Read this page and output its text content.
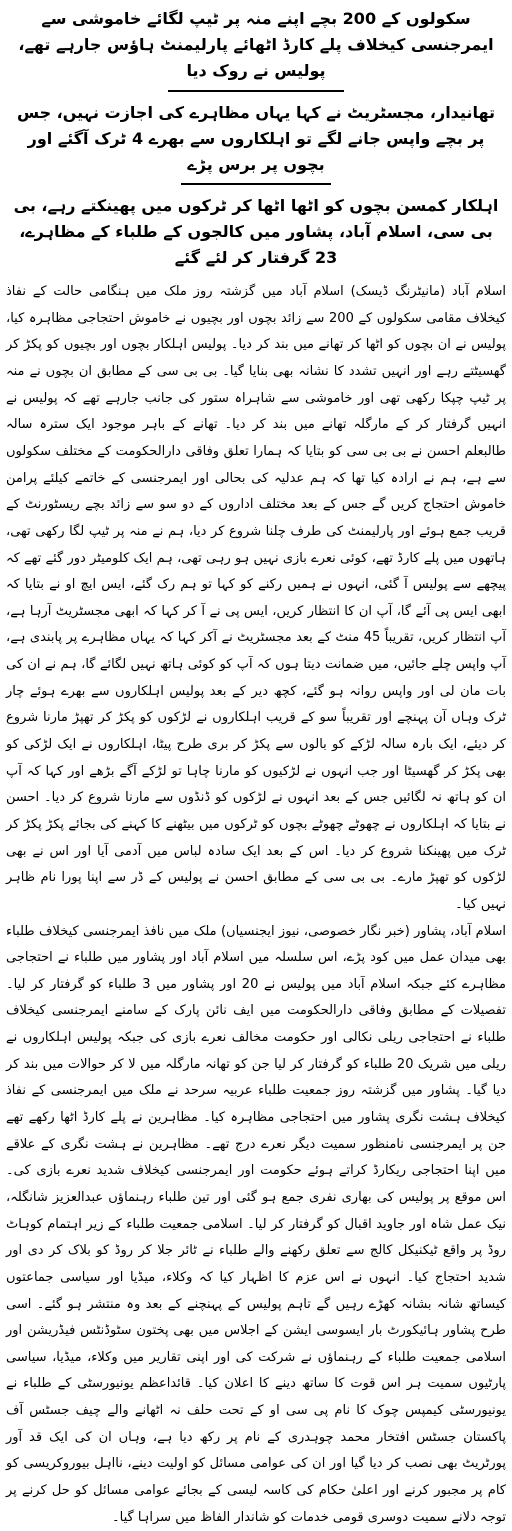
سکولوں کے 200 بچے اپنے منہ پر ٹیپ لگائے خاموشی سے ایمرجنسی کیخلاف پلے کارڈ اٹھائے پارلیمنٹ ہاؤس جارہے تھے، پولیس نے روک دیا
تھانیدار، مجسٹریٹ نے کہا یہاں مظاہرے کی اجازت نہیں، جس پر بچے واپس جانے لگے تو اہلکاروں سے بھرے 4 ٹرک آگئے اور بچوں پر برس پڑے
اہلکار کمسن بچوں کو اٹھا اٹھا کر ٹرکوں میں پھینکتے رہے، بی بی سی، اسلام آباد، پشاور میں کالجوں کے طلباء کے مظاہرے، 23 گرفتار کر لئے گئے

اسلام آباد (مانیٹرنگ ڈیسک) اسلام آباد میں گزشتہ روز ملک میں ہنگامی حالت کے نفاذ کیخلاف مقامی سکولوں کے 200 سے زائد بچوں اور بچیوں نے خاموش احتجاجی مظاہرہ کیا، پولیس نے ان بچوں کو اٹھا کر تھانے میں بند کر دیا۔ پولیس اہلکار بچوں اور بچیوں کو پکڑ کر گھسیٹتے رہے اور انہیں تشدد کا نشانہ بھی بنایا گیا۔ بی بی سی کے مطابق ان بچوں نے منہ پر ٹیپ چپکا رکھی تھی اور خاموشی سے شاہراہ ستور کی جانب جارہے تھے کہ پولیس نے انہیں گرفتار کر کے مارگلہ تھانے میں بند کر دیا۔ تھانے کے باہر موجود ایک سترہ سالہ طالبعلم احسن نے بی بی سی کو بتایا کہ ہمارا تعلق وفاقی دارالحکومت کے مختلف سکولوں سے ہے، ہم نے ارادہ کیا تھا کہ ہم عدلیہ کی بحالی اور ایمرجنسی کے خاتمے کیلئے پرامن خاموش احتجاج کریں گے جس کے بعد مختلف اداروں کے دو سو سے زائد بچے ریسٹورنٹ کے قریب جمع ہوئے اور پارلیمنٹ کی طرف چلنا شروع کر دیا، ہم نے منہ پر ٹیپ لگا رکھی تھی، ہاتھوں میں پلے کارڈ تھے، کوئی نعرے بازی نہیں ہو رہی تھی، ہم ایک کلومیٹر دور گئے تھے کہ پیچھے سے پولیس آ گئی، انہوں نے ہمیں رکنے کو کہا تو ہم رک گئے، ایس ایچ او نے بتایا کہ ابھی ایس پی آئے گا، آپ ان کا انتظار کریں، ایس پی نے آ کر کہا کہ ابھی مجسٹریٹ آرہا ہے، آپ انتظار کریں، تقریباً 45 منٹ کے بعد مجسٹریٹ نے آکر کہا کہ یہاں مظاہرے پر پابندی ہے، آپ واپس چلے جائیں، میں ضمانت دیتا ہوں کہ آپ کو کوئی ہاتھ نہیں لگائے گا، ہم نے ان کی بات مان لی اور واپس روانہ ہو گئے، کچھ دیر کے بعد پولیس اہلکاروں سے بھرے ہوئے چار ٹرک وہاں آن پہنچے اور تقریباً سو کے قریب اہلکاروں نے لڑکوں کو پکڑ کر تھپڑ مارنا شروع کر دیئے، ایک بارہ سالہ لڑکے کو بالوں سے پکڑ کر بری طرح پیٹا، اہلکاروں نے ایک لڑکی کو بھی پکڑ کر گھسیٹا اور جب انہوں نے لڑکیوں کو مارنا چاہا تو لڑکے آگے بڑھے اور کہا کہ آپ ان کو ہاتھ نہ لگائیں جس کے بعد انہوں نے لڑکوں کو ڈنڈوں سے مارنا شروع کر دیا۔ احسن نے بتایا کہ اہلکاروں نے چھوٹے چھوٹے بچوں کو ٹرکوں میں بیٹھنے کا کہنے کی بجائے پکڑ پکڑ کر ٹرک میں پھینکنا شروع کر دیا۔ اس کے بعد ایک سادہ لباس میں آدمی آیا اور اس نے بھی لڑکوں کو تھپڑ مارے۔ بی بی سی کے مطابق احسن نے پولیس کے ڈر سے اپنا پورا نام ظاہر نہیں کیا۔

اسلام آباد، پشاور (خبر نگار خصوصی، نیوز ایجنسیاں) ملک میں نافذ ایمرجنسی کیخلاف طلباء بھی میدان عمل میں کود پڑے، اس سلسلہ میں اسلام آباد اور پشاور میں طلباء نے احتجاجی مظاہرے کئے جبکہ اسلام آباد میں پولیس نے 20 اور پشاور میں 3 طلباء کو گرفتار کر لیا۔ تفصیلات کے مطابق وفاقی دارالحکومت میں ایف نائن پارک کے سامنے ایمرجنسی کیخلاف طلباء نے احتجاجی ریلی نکالی اور حکومت مخالف نعرے بازی کی جبکہ پولیس اہلکاروں نے ریلی میں شریک 20 طلباء کو گرفتار کر لیا جن کو تھانہ مارگلہ میں لا کر حوالات میں بند کر دیا گیا۔ پشاور میں گزشتہ روز جمعیت طلباء عربیہ سرحد نے ملک میں ایمرجنسی کے نفاذ کیخلاف ہشت نگری پشاور میں احتجاجی مظاہرہ کیا۔ مظاہرین نے پلے کارڈ اٹھا رکھے تھے جن پر ایمرجنسی نامنظور سمیت دیگر نعرے درج تھے۔ مظاہرین نے ہشت نگری کے علاقے میں اپنا احتجاجی ریکارڈ کراتے ہوئے حکومت اور ایمرجنسی کیخلاف شدید نعرے بازی کی۔ اس موقع پر پولیس کی بھاری نفری جمع ہو گئی اور تین طلباء رہنماؤں عبدالعزیز شانگلہ، نیک عمل شاہ اور جاوید اقبال کو گرفتار کر لیا۔ اسلامی جمعیت طلباء کے زیر اہتمام کوہاٹ روڈ پر واقع ٹیکنیکل کالج سے تعلق رکھنے والے طلباء نے ٹائر جلا کر روڈ کو بلاک کر دی اور شدید احتجاج کیا۔ انہوں نے اس عزم کا اظہار کیا کہ وکلاء، میڈیا اور سیاسی جماعتوں کیساتھ شانہ بشانہ کھڑے رہیں گے تاہم پولیس کے پہنچنے کے بعد وہ منتشر ہو گئے۔ اسی طرح پشاور ہائیکورٹ بار ایسوسی ایشن کے اجلاس میں بھی پختون سٹوڈنٹس فیڈریشن اور اسلامی جمعیت طلباء کے رہنماؤں نے شرکت کی اور اپنی تقاریر میں وکلاء، میڈیا، سیاسی پارٹیوں سمیت ہر اس قوت کا ساتھ دینے کا اعلان کیا۔ قائداعظم یونیورسٹی کے طلباء نے یونیورسٹی کیمپس چوک کا نام پی سی او کے تحت حلف نہ اٹھانے والے چیف جسٹس آف پاکستان جسٹس افتخار محمد چوہدری کے نام پر رکھ دیا ہے، وہاں ان کی ایک قد آور پورٹریٹ بھی نصب کر دیا گیا اور ان کی عوامی مسائل کو اولیت دینے، نااہل بیوروکریسی کو کام پر مجبور کرنے اور اعلیٰ حکام کی کاسہ لیسی کے بجائے عوامی مسائل کو حل کرنے پر توجہ دلانے سمیت دوسری قومی خدمات کو شاندار الفاظ میں سراہا گیا۔
